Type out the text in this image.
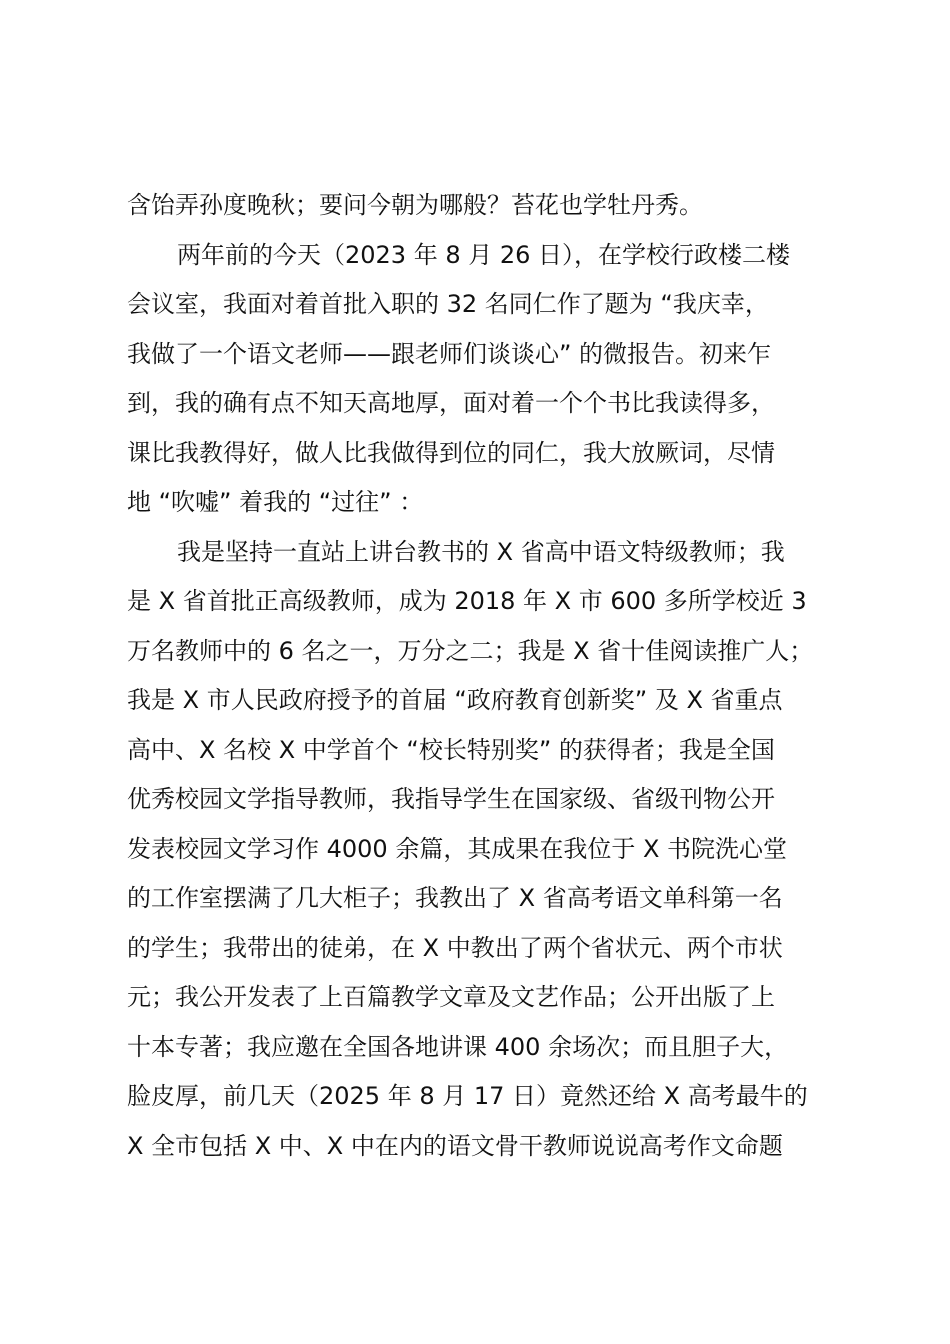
含饴弄孙度晚秋；要问今朝为哪般？苔花也学牡丹秀。
两年前的今天（2023 年 8 月 26 日），在学校行政楼二楼
会议室，我面对着首批入职的 32 名同仁作了题为 “我庆幸，
我做了一个语文老师——跟老师们谈谈心” 的微报告。初来乍
到，我的确有点不知天高地厚，面对着一个个书比我读得多，
课比我教得好，做人比我做得到位的同仁，我大放厥词，尽情
地 “吹嘘” 着我的 “过往” ：
我是坚持一直站上讲台教书的 X 省高中语文特级教师；我
是 X 省首批正高级教师，成为 2018 年 X 市 600 多所学校近 3
万名教师中的 6 名之一，万分之二；我是 X 省十佳阅读推广人；
我是 X 市人民政府授予的首届 “政府教育创新奖” 及 X 省重点
高中、X 名校 X 中学首个 “校长特别奖” 的获得者；我是全国
优秀校园文学指导教师，我指导学生在国家级、省级刊物公开
发表校园文学习作 4000 余篇，其成果在我位于 X 书院洗心堂
的工作室摆满了几大柜子；我教出了 X 省高考语文单科第一名
的学生；我带出的徒弟，在 X 中教出了两个省状元、两个市状
元；我公开发表了上百篇教学文章及文艺作品；公开出版了上
十本专著；我应邀在全国各地讲课 400 余场次；而且胆子大，
脸皮厚，前几天（2025 年 8 月 17 日）竟然还给 X 高考最牛的
X 全市包括 X 中、X 中在内的语文骨干教师说说高考作文命题
